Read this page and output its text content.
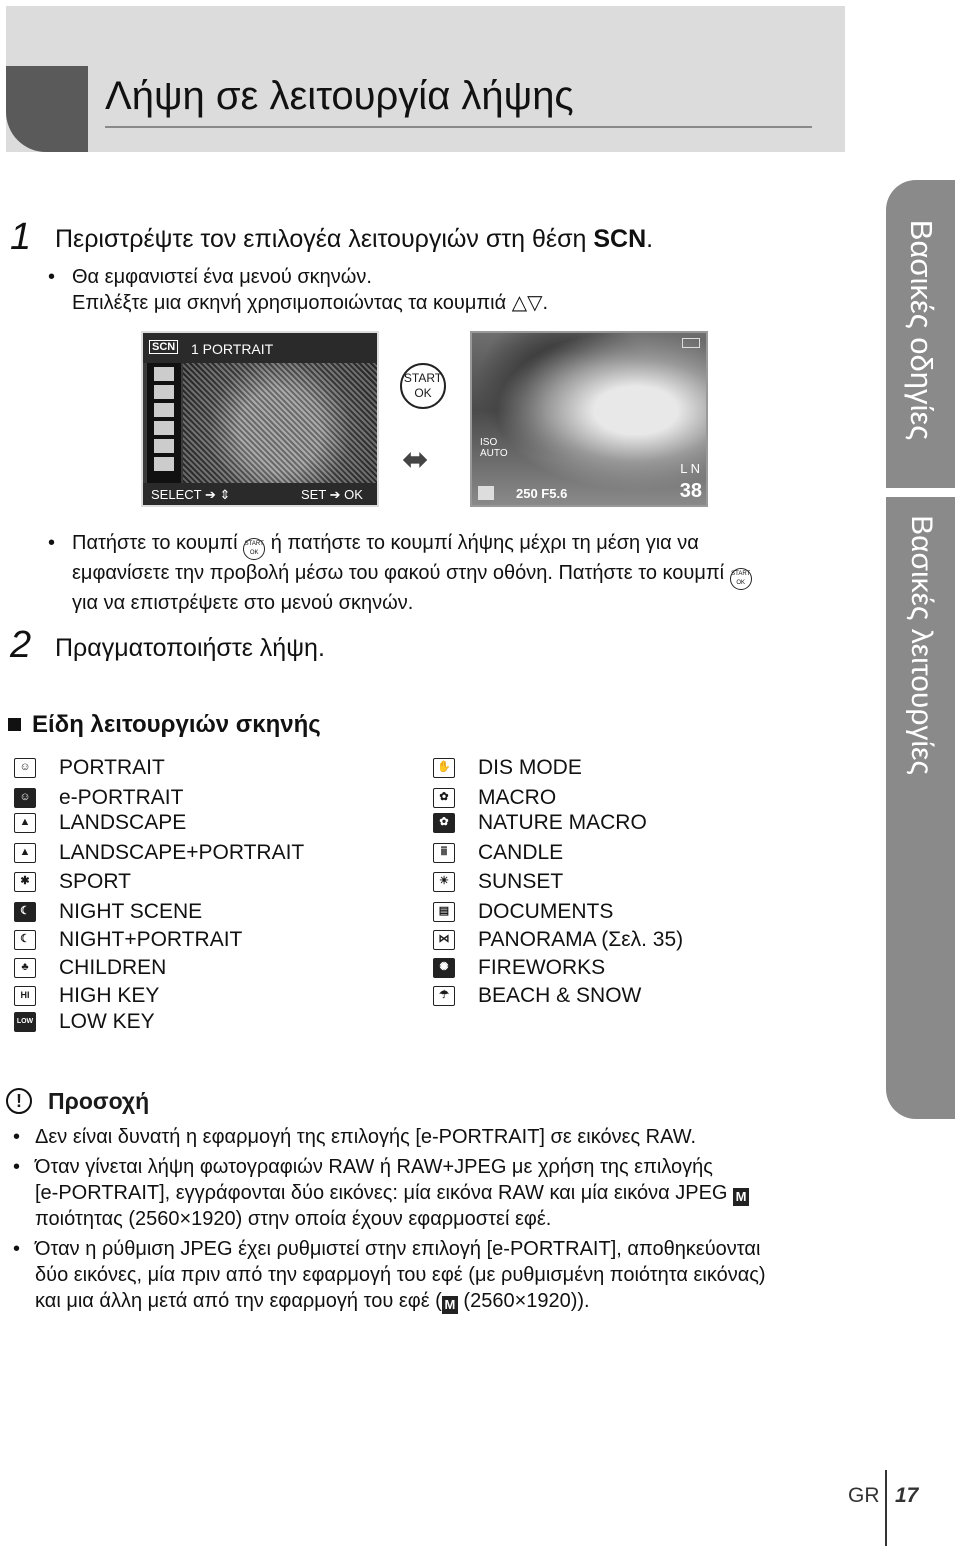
Λήψη σε λειτουργία λήψης
Βασικές οδηγίες
Βασικές λειτουργίες
1 Περιστρέψτε τον επιλογέα λειτουργιών στη θέση SCN.
• Θα εμφανιστεί ένα μενού σκηνών.
Επιλέξτε μια σκηνή χρησιμοποιώντας τα κουμπιά △▽.
SCN 1 PORTRAIT
SELECT ➔ ⇕	SET ➔ OK
START
OK
⬌	ISO
AUTO
L N
250 F5.6	38
• Πατήστε το κουμπί START
OK ή πατήστε το κουμπί λήψης μέχρι τη μέση για να
εμφανίσετε την προβολή μέσω του φακού στην οθόνη. Πατήστε το κουμπί START
OK
για να επιστρέψετε στο μενού σκηνών.
2 Πραγματοποιήστε λήψη.
Είδη λειτουργιών σκηνής
☺ PORTRAIT
☺ e-PORTRAIT
▲ LANDSCAPE
▲ LANDSCAPE+PORTRAIT
✱ SPORT
☾ NIGHT SCENE
☾ NIGHT+PORTRAIT
♣	CHILDREN
HI HIGH KEY
LOW LOW KEY
✋ DIS MODE
✿ MACRO
✿ NATURE MACRO
ⅲ	CANDLE
☀ SUNSET
▤ DOCUMENTS
⋈ PANORAMA (Σελ. 35)
✺ FIREWORKS
☂ BEACH & SNOW
!	Προσοχή
• Δεν είναι δυνατή η εφαρμογή της επιλογής [e-PORTRAIT] σε εικόνες RAW.
• Όταν γίνεται λήψη φωτογραφιών RAW ή RAW+JPEG με χρήση της επιλογής
[e-PORTRAIT], εγγράφονται δύο εικόνες: μία εικόνα RAW και μία εικόνα JPEG M
ποιότητας (2560×1920) στην οποία έχουν εφαρμοστεί εφέ.
• Όταν η ρύθμιση JPEG έχει ρυθμιστεί στην επιλογή [e-PORTRAIT], αποθηκεύονται
δύο εικόνες, μία πριν από την εφαρμογή του εφέ (με ρυθμισμένη ποιότητα εικόνας)
και μια άλλη μετά από την εφαρμογή του εφέ ( M (2560×1920)).
GR 17
